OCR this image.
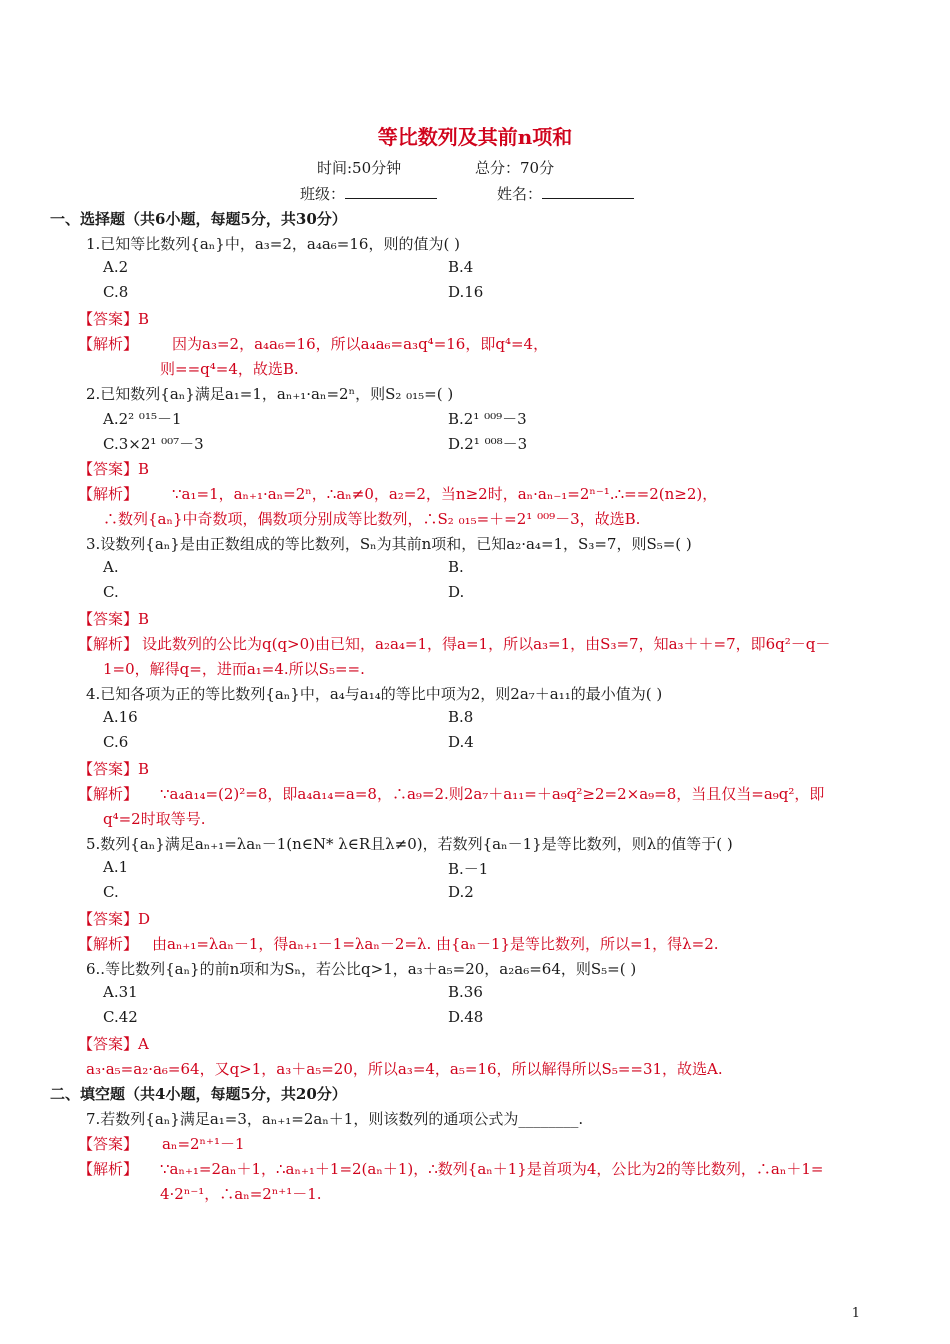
等比数列及其前n项和
时间:50分钟	总分：70分
班级：	姓名：
一、选择题（共6小题，每题5分，共30分）
1.已知等比数列{aₙ}中，a₃=2，a₄a₆=16，则的值为( )
A.2	B.4
C.8	D.16
【答案】B
【解析】 因为a₃=2，a₄a₆=16，所以a₄a₆=a₃q⁴=16，即q⁴=4，
则==q⁴=4，故选B.
2.已知数列{aₙ}满足a₁=1，aₙ₊₁·aₙ=2ⁿ，则S₂ ₀₁₅=( )
A.2² ⁰¹⁵－1	B.2¹ ⁰⁰⁹－3
C.3×2¹ ⁰⁰⁷－3	D.2¹ ⁰⁰⁸－3
【答案】B
【解析】 ∵a₁=1，aₙ₊₁·aₙ=2ⁿ，∴aₙ≠0，a₂=2，当n≥2时，aₙ·aₙ₋₁=2ⁿ⁻¹.∴==2(n≥2)，
∴数列{aₙ}中奇数项，偶数项分别成等比数列，∴S₂ ₀₁₅=＋=2¹ ⁰⁰⁹－3，故选B.
3.设数列{aₙ}是由正数组成的等比数列，Sₙ为其前n项和，已知a₂·a₄=1，S₃=7，则S₅=( )
A.	B.
C.	D.
【答案】B
【解析】 设此数列的公比为q(q>0)由已知，a₂a₄=1，得a=1，所以a₃=1，由S₃=7，知a₃＋＋=7，即6q²－q－
1=0，解得q=，进而a₁=4.所以S₅==.
4.已知各项为正的等比数列{aₙ}中，a₄与a₁₄的等比中项为2，则2a₇＋a₁₁的最小值为( )
A.16	B.8
C.6	D.4
【答案】B
【解析】 ∵a₄a₁₄=(2)²=8，即a₄a₁₄=a=8，∴a₉=2.则2a₇＋a₁₁=＋a₉q²≥2=2×a₉=8，当且仅当=a₉q²，即
q⁴=2时取等号.
5.数列{aₙ}满足aₙ₊₁=λaₙ－1(n∈N* λ∈R且λ≠0)，若数列{aₙ－1}是等比数列，则λ的值等于( )
A.1	B.－1
C.	D.2
【答案】D
【解析】 由aₙ₊₁=λaₙ－1，得aₙ₊₁－1=λaₙ－2=λ. 由{aₙ－1}是等比数列，所以=1，得λ=2.
6..等比数列{aₙ}的前n项和为Sₙ，若公比q>1，a₃＋a₅=20，a₂a₆=64，则S₅=( )
A.31	B.36
C.42	D.48
【答案】A
a₃·a₅=a₂·a₆=64，又q>1，a₃＋a₅=20，所以a₃=4，a₅=16，所以解得所以S₅==31，故选A.
二、填空题（共4小题，每题5分，共20分）
7.若数列{aₙ}满足a₁=3，aₙ₊₁=2aₙ＋1，则该数列的通项公式为________.
【答案】 aₙ=2ⁿ⁺¹－1
【解析】 ∵aₙ₊₁=2aₙ＋1，∴aₙ₊₁＋1=2(aₙ＋1)，∴数列{aₙ＋1}是首项为4，公比为2的等比数列，∴aₙ＋1=
4·2ⁿ⁻¹，∴aₙ=2ⁿ⁺¹－1.
1
